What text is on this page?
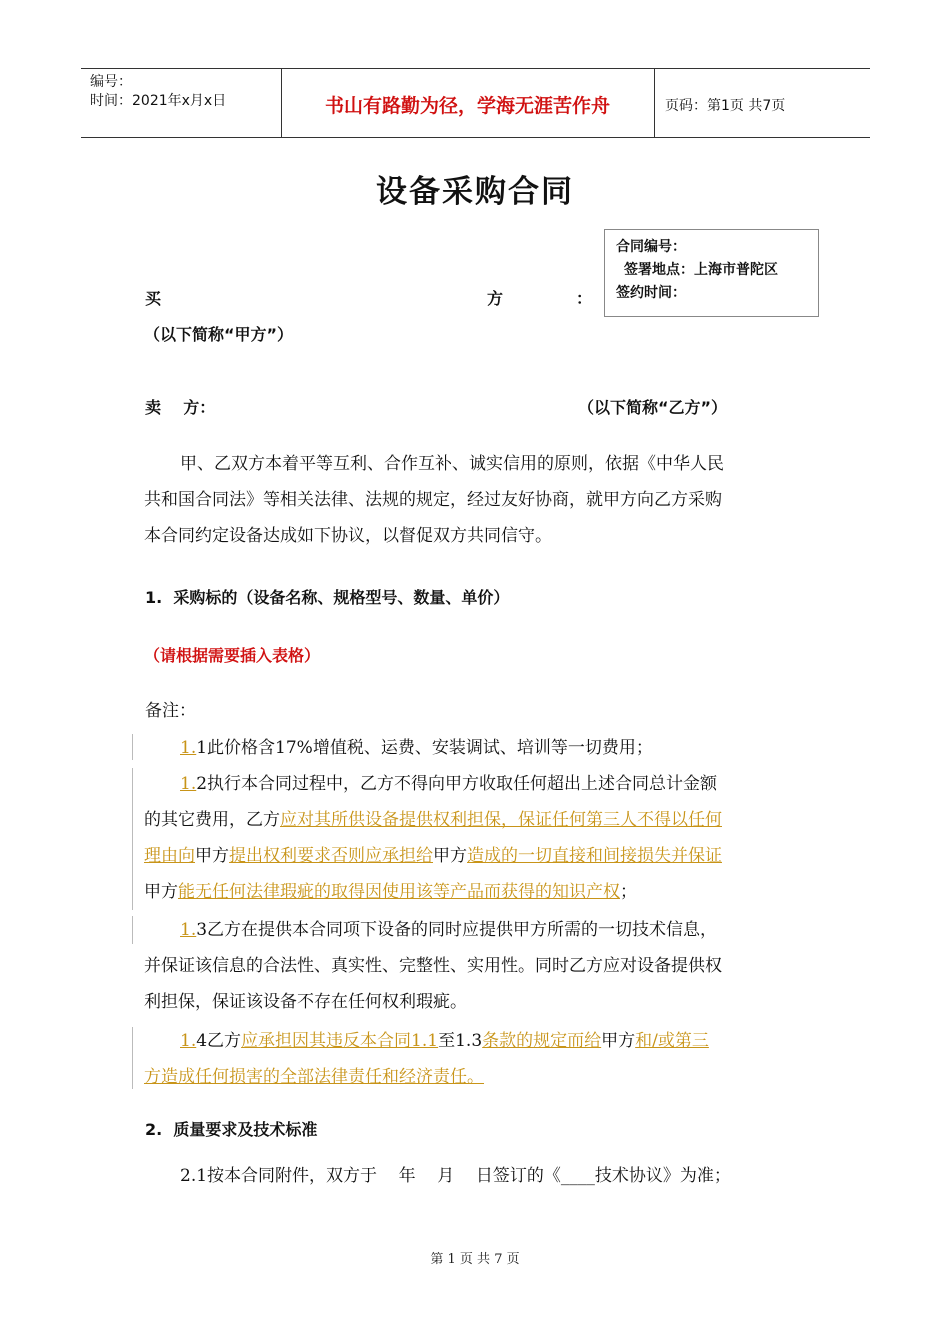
编号：
时间：2021年x月x日	书山有路勤为径，学海无涯苦作舟	页码：第1页 共7页
设备采购合同
合同编号：
签署地点：上海市普陀区
签约时间：
买	方	：
（以下简称“甲方”）
卖    方：	（以下简称“乙方”）
甲、乙双方本着平等互利、合作互补、诚实信用的原则，依据《中华人民
共和国合同法》等相关法律、法规的规定，经过友好协商，就甲方向乙方采购
本合同约定设备达成如下协议，以督促双方共同信守。
1.  采购标的（设备名称、规格型号、数量、单价）
（请根据需要插入表格）
备注：
1.1此价格含17%增值税、运费、安装调试、培训等一切费用；
1.2执行本合同过程中，乙方不得向甲方收取任何超出上述合同总计金额
的其它费用，乙方应对其所供设备提供权利担保，保证任何第三人不得以任何
理由向甲方提出权利要求否则应承担给甲方造成的一切直接和间接损失并保证
甲方能无任何法律瑕疵的取得因使用该等产品而获得的知识产权；
1.3乙方在提供本合同项下设备的同时应提供甲方所需的一切技术信息，
并保证该信息的合法性、真实性、完整性、实用性。同时乙方应对设备提供权
利担保，保证该设备不存在任何权利瑕疵。
1.4乙方应承担因其违反本合同1.1至1.3条款的规定而给甲方和/或第三
方造成任何损害的全部法律责任和经济责任。
2.  质量要求及技术标准
2.1按本合同附件，双方于    年    月    日签订的《____技术协议》为准；
第 1 页 共 7 页
